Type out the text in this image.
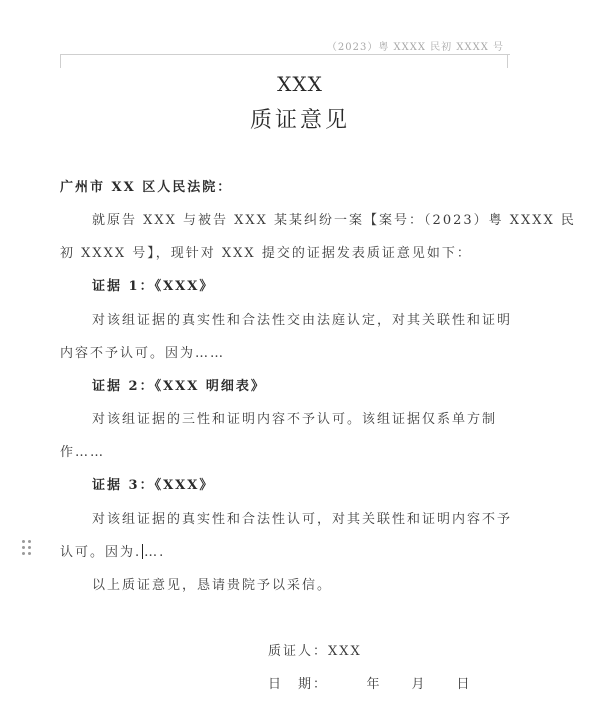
（2023）粤 XXXX 民初 XXXX 号
XXX
质证意见
广州市 XX 区人民法院：
就原告 XXX 与被告 XXX 某某纠纷一案【案号：（2023）粤 XXXX 民
初 XXXX 号】，现针对 XXX 提交的证据发表质证意见如下：
证据 1：《XXX》
对该组证据的真实性和合法性交由法庭认定，对其关联性和证明
内容不予认可。因为……
证据 2：《XXX 明细表》
对该组证据的三性和证明内容不予认可。该组证据仅系单方制
作……
证据 3：《XXX》
对该组证据的真实性和合法性认可，对其关联性和证明内容不予
认可。因为. ….
以上质证意见，恳请贵院予以采信。
质证人：XXX
日　期：　　　年　　月　　日
